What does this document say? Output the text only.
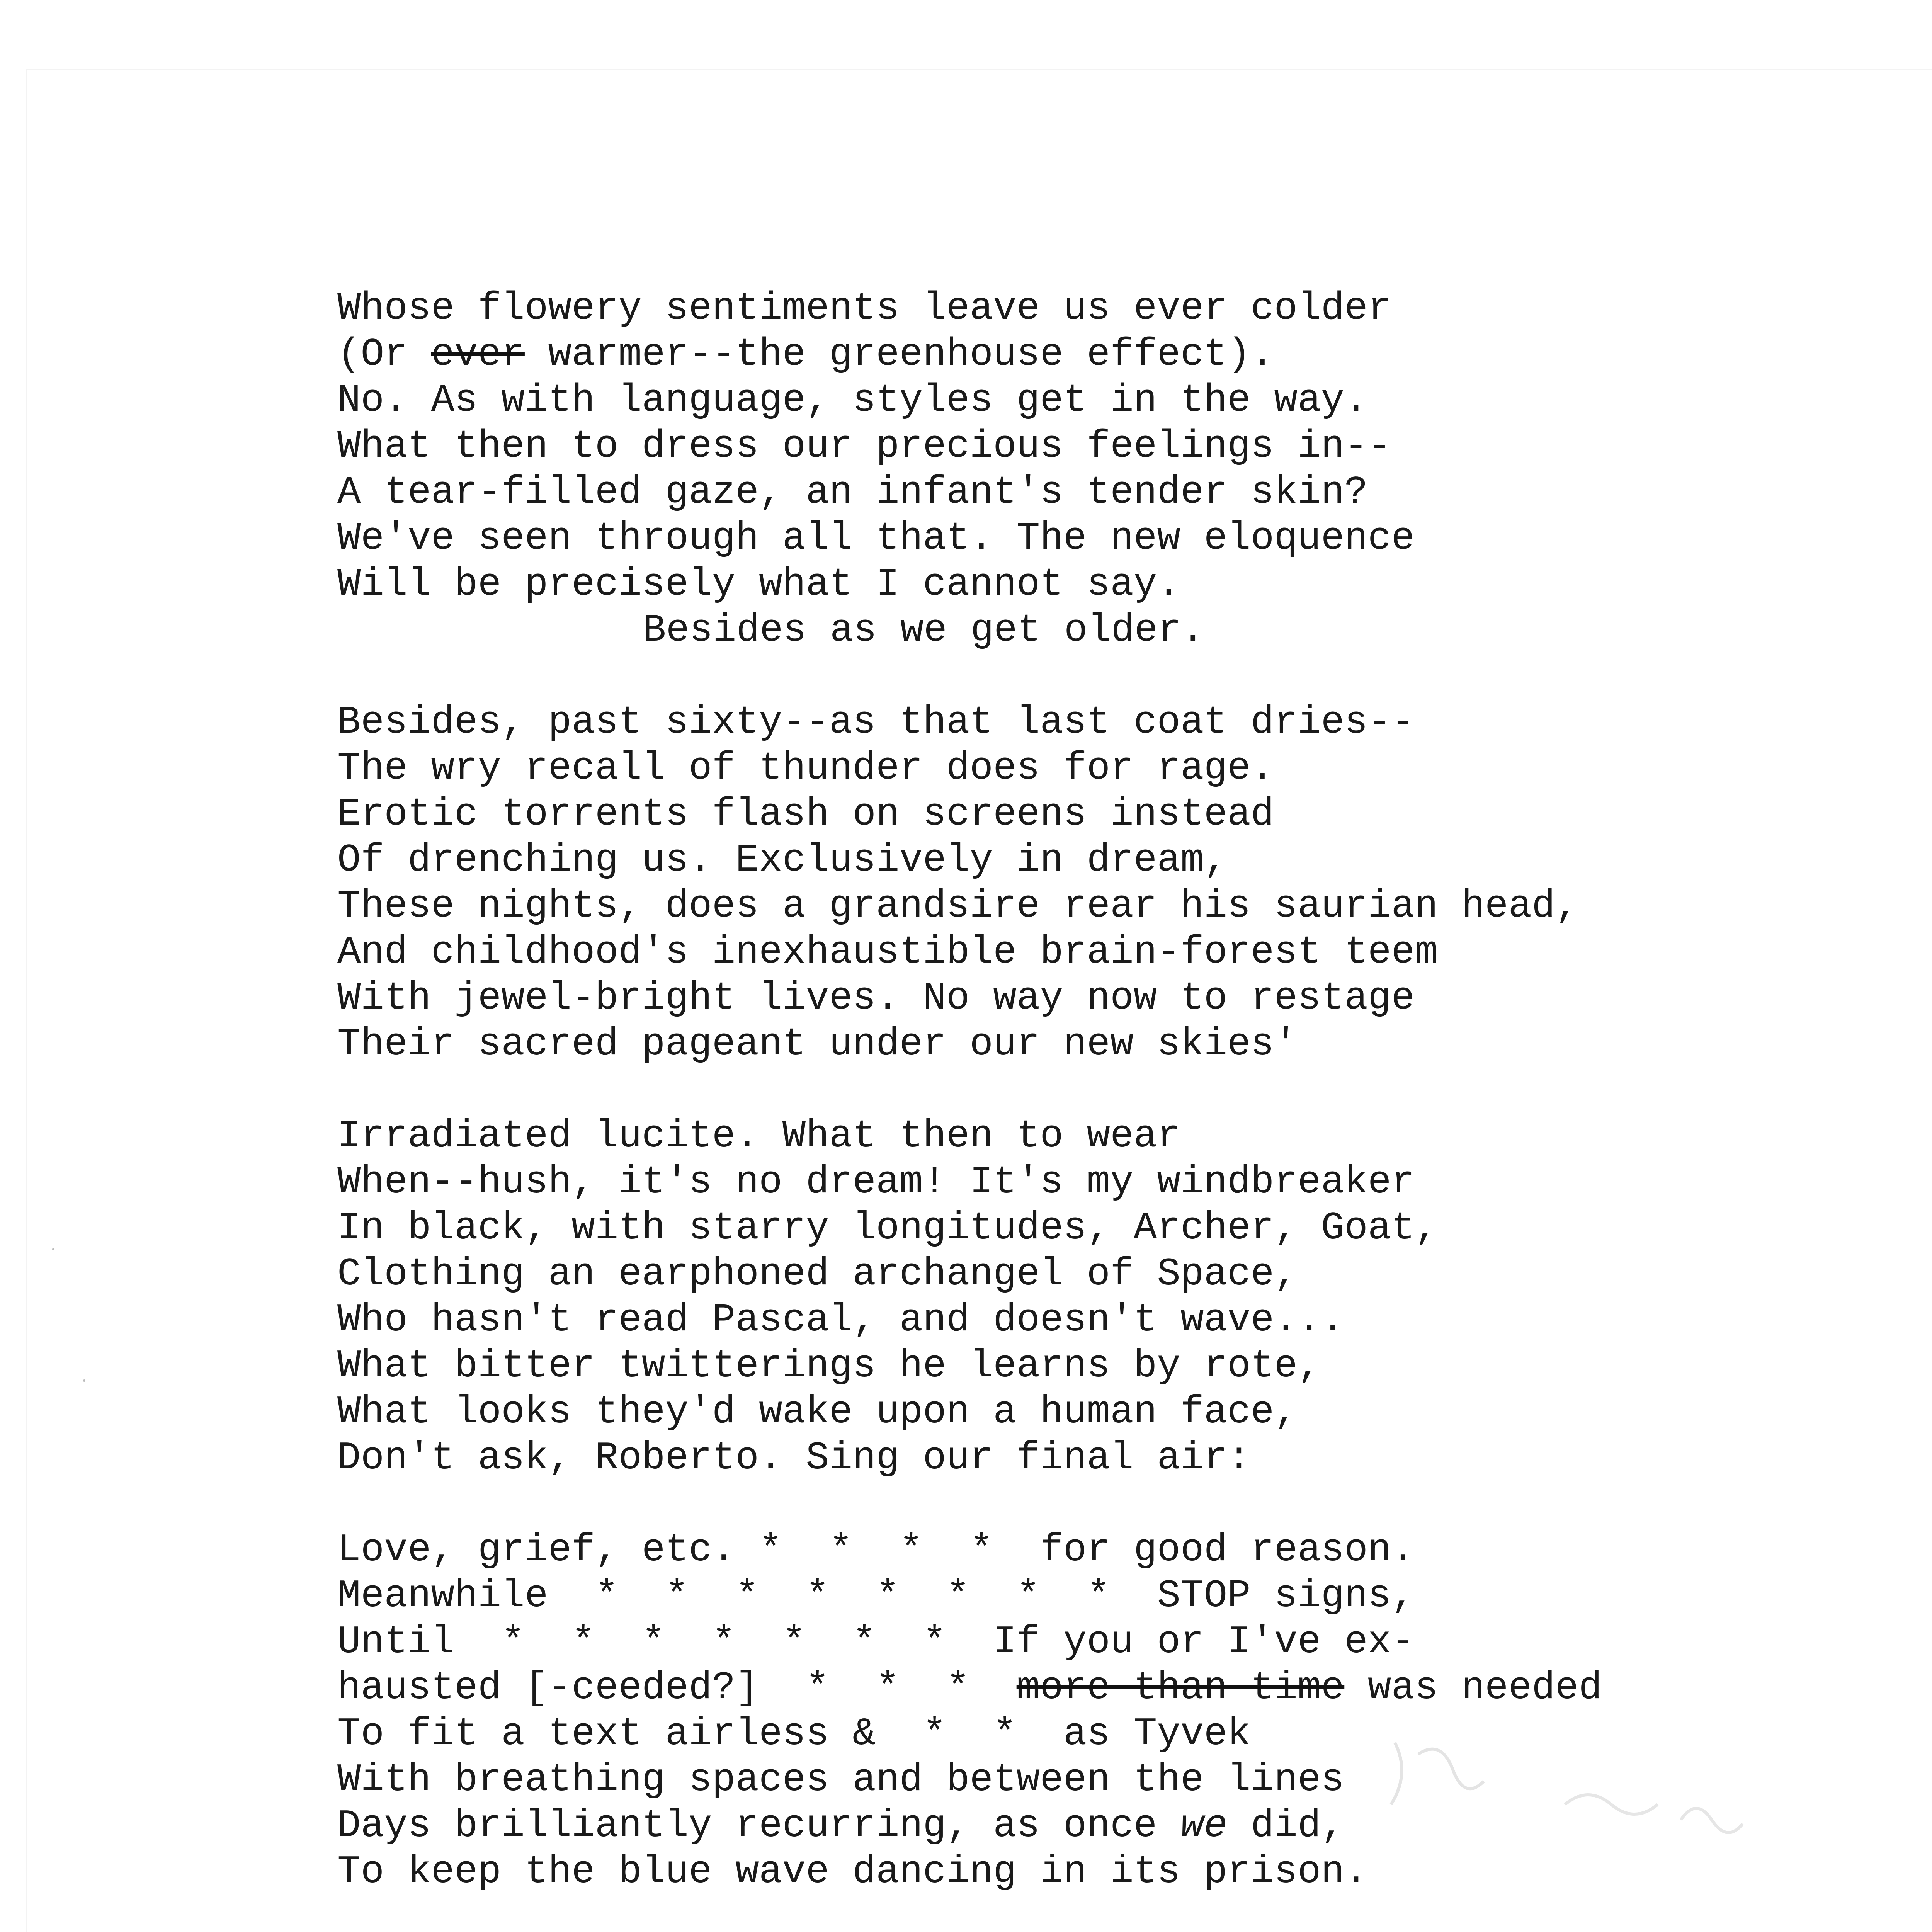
Whose flowery sentiments leave us ever colder
(Or ever warmer--the greenhouse effect).
No. As with language, styles get in the way.
What then to dress our precious feelings in--
A tear-filled gaze, an infant's tender skin?
We've seen through all that. The new eloquence
Will be precisely what I cannot say.
Besides as we get older.
Besides, past sixty--as that last coat dries--
The wry recall of thunder does for rage.
Erotic torrents flash on screens instead
Of drenching us. Exclusively in dream,
These nights, does a grandsire rear his saurian head,
And childhood's inexhaustible brain-forest teem
With jewel-bright lives. No way now to restage
Their sacred pageant under our new skies'
Irradiated lucite. What then to wear
When--hush, it's no dream! It's my windbreaker
In black, with starry longitudes, Archer, Goat,
Clothing an earphoned archangel of Space,
Who hasn't read Pascal, and doesn't wave...
What bitter twitterings he learns by rote,
What looks they'd wake upon a human face,
Don't ask, Roberto. Sing our final air:
Love, grief, etc. *  *  *  *  for good reason.
Meanwhile  *  *  *  *  *  *  *  *  STOP signs,
Until  *  *  *  *  *  *  *  If you or I've ex-
hausted [-ceeded?]  *  *  *  more than time was needed
To fit a text airless &  *  *  as Tyvek
With breathing spaces and between the lines
Days brilliantly recurring, as once we did,
To keep the blue wave dancing in its prison.
